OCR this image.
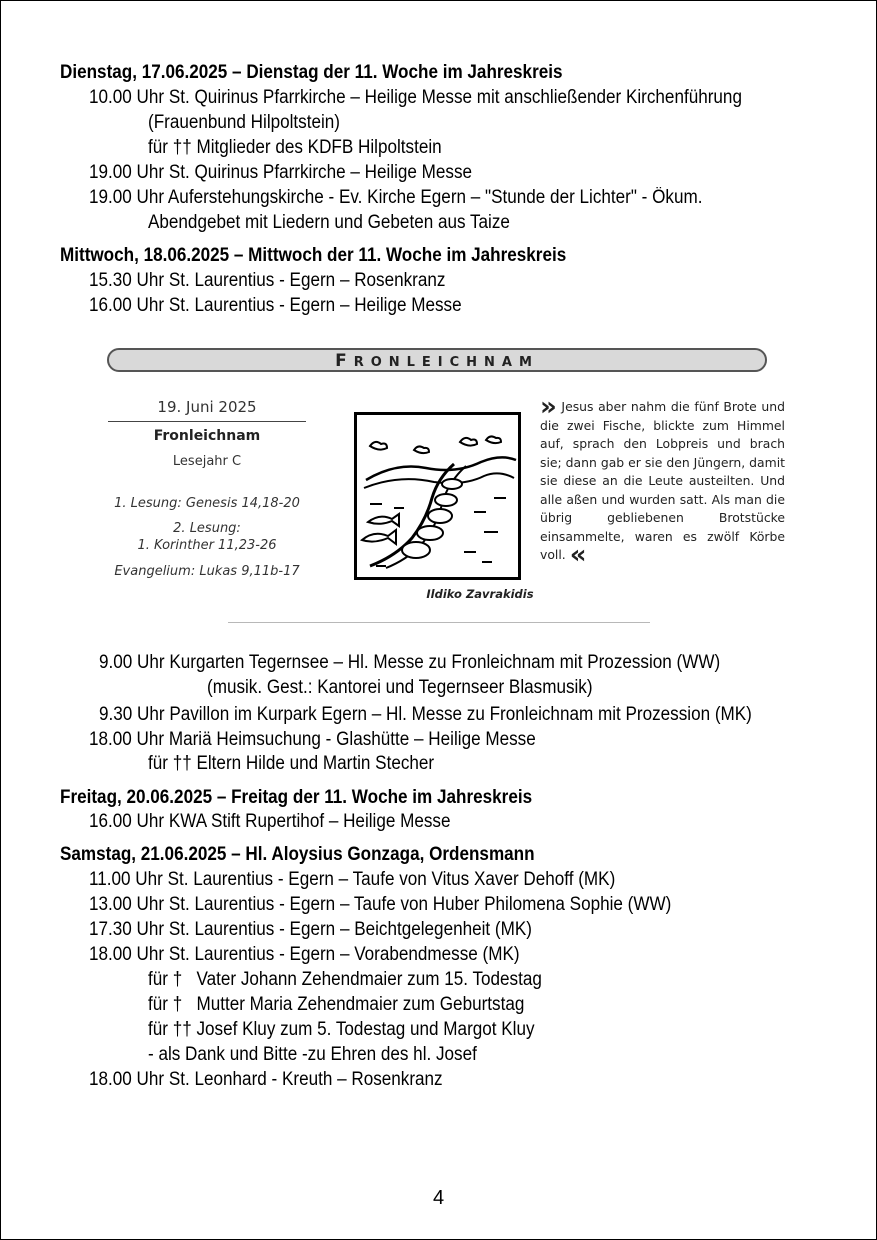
Dienstag, 17.06.2025 – Dienstag der 11. Woche im Jahreskreis
10.00 Uhr St. Quirinus Pfarrkirche – Heilige Messe mit anschließender Kirchenführung
(Frauenbund Hilpoltstein)
für †† Mitglieder des KDFB Hilpoltstein
19.00 Uhr St. Quirinus Pfarrkirche – Heilige Messe
19.00 Uhr Auferstehungskirche - Ev. Kirche Egern – "Stunde der Lichter" - Ökum.
Abendgebet mit Liedern und Gebeten aus Taize
Mittwoch, 18.06.2025 – Mittwoch der 11. Woche im Jahreskreis
15.30 Uhr St. Laurentius - Egern – Rosenkranz
16.00 Uhr St. Laurentius - Egern – Heilige Messe
FRONLEICHNAM
19. Juni 2025
Fronleichnam
Lesejahr C
1. Lesung: Genesis 14,18-20
2. Lesung:
1. Korinther 11,23-26
Evangelium: Lukas 9,11b-17
Ildiko Zavrakidis
» Jesus aber nahm die fünf Brote und die zwei Fische, blickte zum Himmel auf, sprach den Lobpreis und brach sie; dann gab er sie den Jüngern, damit sie diese an die Leute austeilten. Und alle aßen und wurden satt. Als man die übrig gebliebenen Brotstücke einsammelte, waren es zwölf Körbe voll. «
9.00 Uhr Kurgarten Tegernsee – Hl. Messe zu Fronleichnam mit Prozession (WW)
(musik. Gest.: Kantorei und Tegernseer Blasmusik)
9.30 Uhr Pavillon im Kurpark Egern – Hl. Messe zu Fronleichnam mit Prozession (MK)
18.00 Uhr Mariä Heimsuchung - Glashütte – Heilige Messe
für †† Eltern Hilde und Martin Stecher
Freitag, 20.06.2025 – Freitag der 11. Woche im Jahreskreis
16.00 Uhr KWA Stift Rupertihof – Heilige Messe
Samstag, 21.06.2025 – Hl. Aloysius Gonzaga, Ordensmann
11.00 Uhr St. Laurentius - Egern – Taufe von Vitus Xaver Dehoff (MK)
13.00 Uhr St. Laurentius - Egern – Taufe von Huber Philomena Sophie (WW)
17.30 Uhr St. Laurentius - Egern – Beichtgelegenheit (MK)
18.00 Uhr St. Laurentius - Egern – Vorabendmesse (MK)
für †   Vater Johann Zehendmaier zum 15. Todestag
für †   Mutter Maria Zehendmaier zum Geburtstag
für †† Josef Kluy zum 5. Todestag und Margot Kluy
- als Dank und Bitte -zu Ehren des hl. Josef
18.00 Uhr St. Leonhard - Kreuth – Rosenkranz
4
